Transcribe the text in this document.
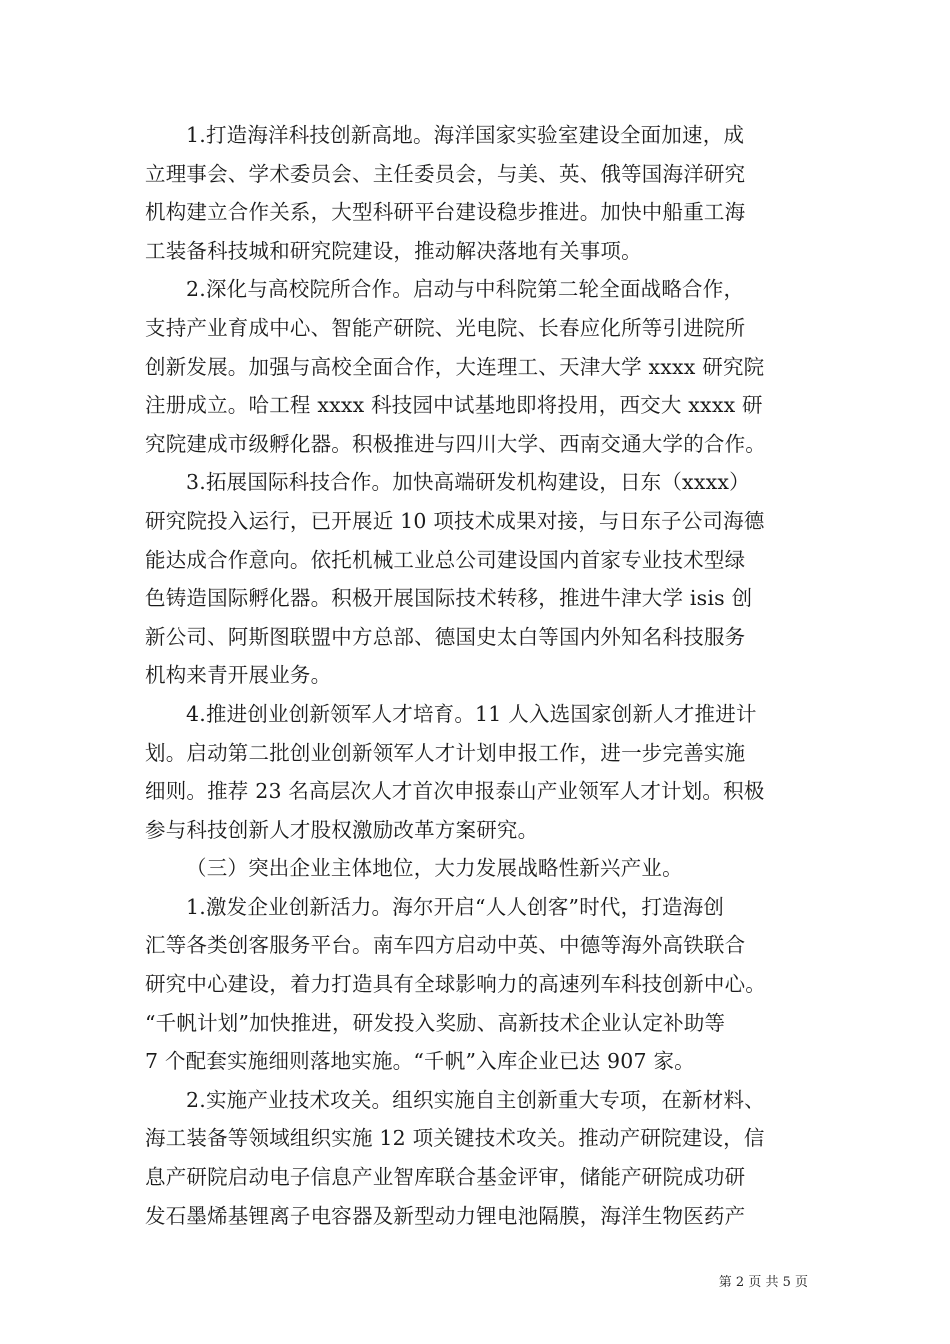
1.打造海洋科技创新高地。海洋国家实验室建设全面加速，成
立理事会、学术委员会、主任委员会，与美、英、俄等国海洋研究
机构建立合作关系，大型科研平台建设稳步推进。加快中船重工海
工装备科技城和研究院建设，推动解决落地有关事项。
2.深化与高校院所合作。启动与中科院第二轮全面战略合作，
支持产业育成中心、智能产研院、光电院、长春应化所等引进院所
创新发展。加强与高校全面合作，大连理工、天津大学 xxxx 研究院
注册成立。哈工程 xxxx 科技园中试基地即将投用，西交大 xxxx 研
究院建成市级孵化器。积极推进与四川大学、西南交通大学的合作。
3.拓展国际科技合作。加快高端研发机构建设，日东（xxxx）
研究院投入运行，已开展近 10 项技术成果对接，与日东子公司海德
能达成合作意向。依托机械工业总公司建设国内首家专业技术型绿
色铸造国际孵化器。积极开展国际技术转移，推进牛津大学 isis 创
新公司、阿斯图联盟中方总部、德国史太白等国内外知名科技服务
机构来青开展业务。
4.推进创业创新领军人才培育。11 人入选国家创新人才推进计
划。启动第二批创业创新领军人才计划申报工作，进一步完善实施
细则。推荐 23 名高层次人才首次申报泰山产业领军人才计划。积极
参与科技创新人才股权激励改革方案研究。
（三）突出企业主体地位，大力发展战略性新兴产业。
1.激发企业创新活力。海尔开启“人人创客”时代，打造海创
汇等各类创客服务平台。南车四方启动中英、中德等海外高铁联合
研究中心建设，着力打造具有全球影响力的高速列车科技创新中心。
“千帆计划”加快推进，研发投入奖励、高新技术企业认定补助等
7 个配套实施细则落地实施。“千帆”入库企业已达 907 家。
2.实施产业技术攻关。组织实施自主创新重大专项，在新材料、
海工装备等领域组织实施 12 项关键技术攻关。推动产研院建设，信
息产研院启动电子信息产业智库联合基金评审，储能产研院成功研
发石墨烯基锂离子电容器及新型动力锂电池隔膜，海洋生物医药产
第 2 页 共 5 页
